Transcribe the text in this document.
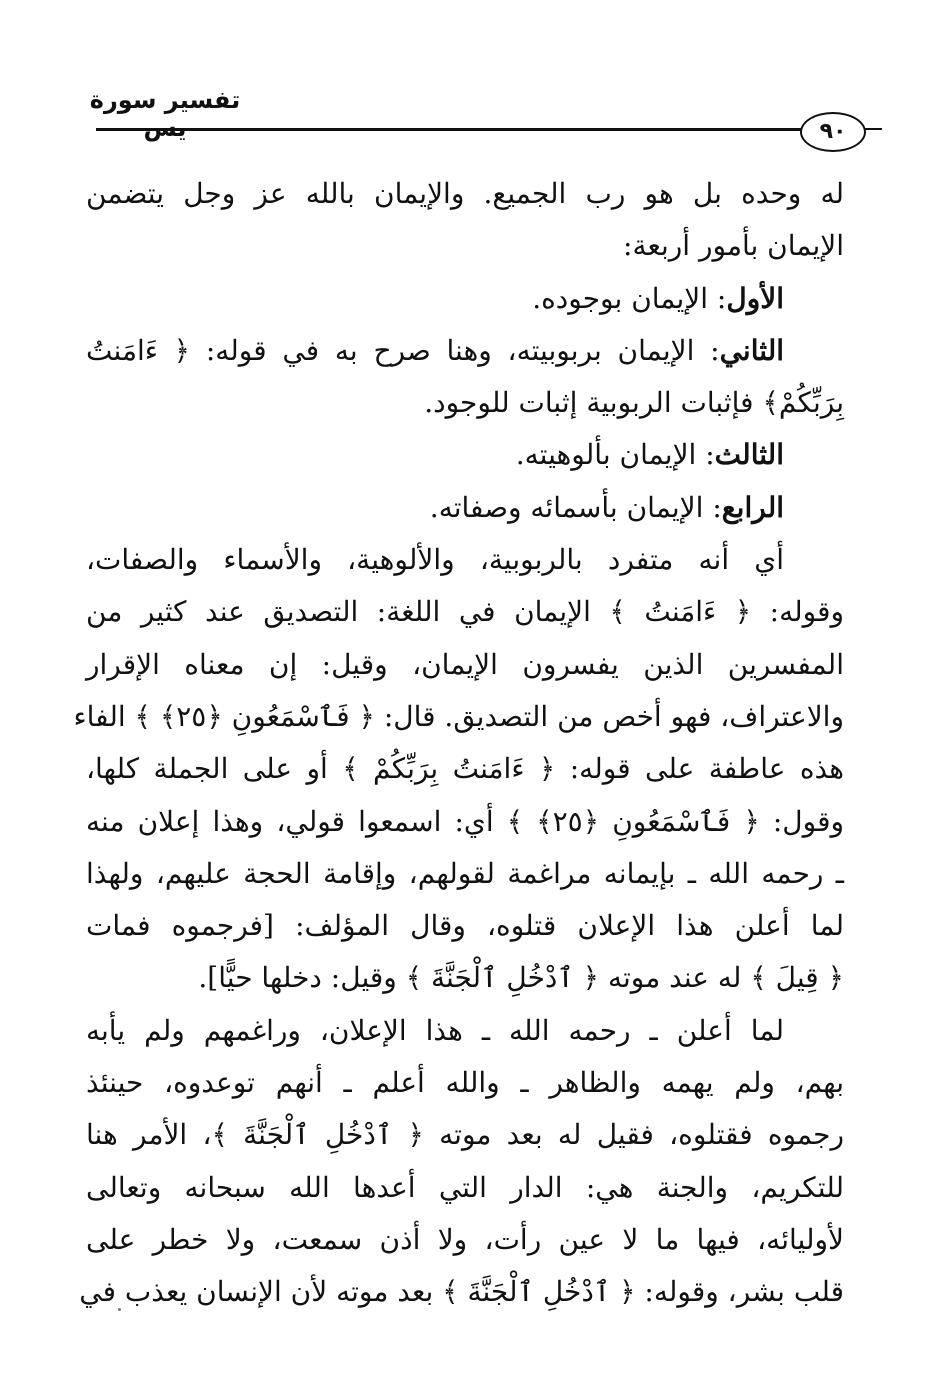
تفسير سورة يس	٩٠
له وحده بل هو رب الجميع. والإيمان بالله عز وجل يتضمن
الإيمان بأمور أربعة:
الأول: الإيمان بوجوده.
الثاني: الإيمان بربوبيته، وهنا صرح به في قوله: ﴿ ءَامَنتُ
بِرَبِّكُمْ﴾ فإثبات الربوبية إثبات للوجود.
الثالث: الإيمان بألوهيته.
الرابع: الإيمان بأسمائه وصفاته.
أي أنه متفرد بالربوبية، والألوهية، والأسماء والصفات،
وقوله: ﴿ ءَامَنتُ ﴾ الإيمان في اللغة: التصديق عند كثير من
المفسرين الذين يفسرون الإيمان، وقيل: إن معناه الإقرار
والاعتراف، فهو أخص من التصديق. قال: ﴿ فَٱسْمَعُونِ ﴿٢٥﴾ ﴾ الفاء
هذه عاطفة على قوله: ﴿ ءَامَنتُ بِرَبِّكُمْ ﴾ أو على الجملة كلها،
وقول: ﴿ فَٱسْمَعُونِ ﴿٢٥﴾ ﴾ أي: اسمعوا قولي، وهذا إعلان منه
ـ رحمه الله ـ بإيمانه مراغمة لقولهم، وإقامة الحجة عليهم، ولهذا
لما أعلن هذا الإعلان قتلوه، وقال المؤلف: [فرجموه فمات
﴿ قِيلَ ﴾ له عند موته ﴿ ٱدْخُلِ ٱلْجَنَّةَ ﴾ وقيل: دخلها حيًّا].
لما أعلن ـ رحمه الله ـ هذا الإعلان، وراغمهم ولم يأبه
بهم، ولم يهمه والظاهر ـ والله أعلم ـ أنهم توعدوه، حينئذ
رجموه فقتلوه، فقيل له بعد موته ﴿ ٱدْخُلِ ٱلْجَنَّةَ ﴾، الأمر هنا
للتكريم، والجنة هي: الدار التي أعدها الله سبحانه وتعالى
لأوليائه، فيها ما لا عين رأت، ولا أذن سمعت، ولا خطر على
قلب بشر، وقوله: ﴿ ٱدْخُلِ ٱلْجَنَّةَ ﴾ بعد موته لأن الإنسان يعذب في
